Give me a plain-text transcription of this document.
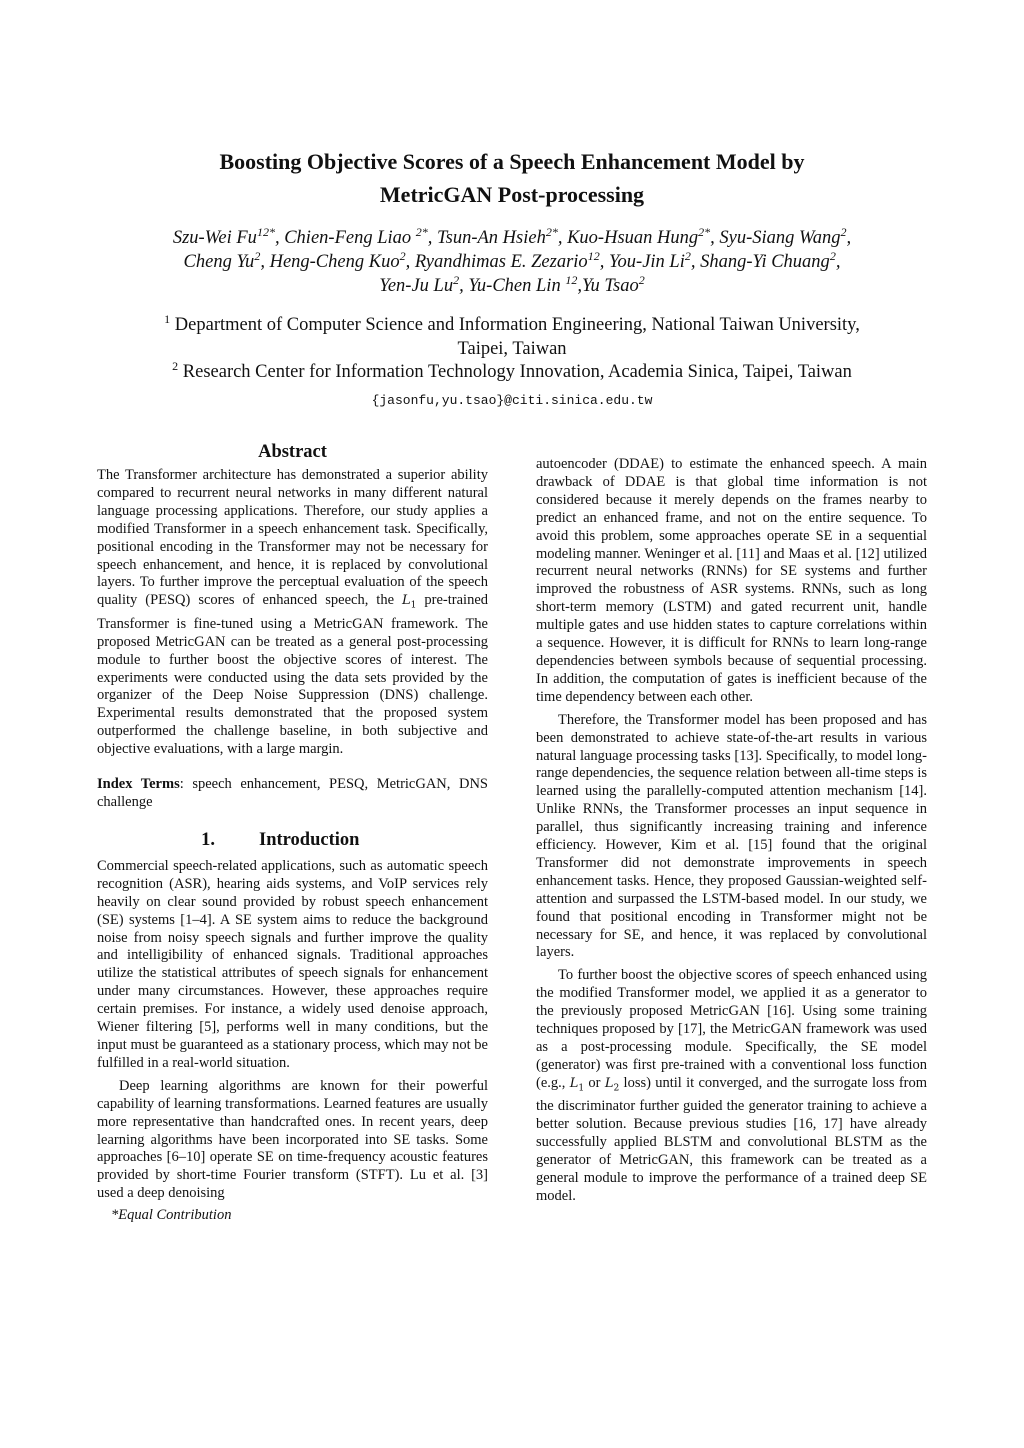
Boosting Objective Scores of a Speech Enhancement Model by
MetricGAN Post-processing
Szu-Wei $Fu^{12*}$, Chien-Feng Liao $^{2*}$, Tsun-An Hsieh$^{2*}$, Kuo-Hsuan Hung$^{2*}$, Syu-Siang Wang$^2$,
Cheng Yu$^2$, Heng-Cheng Kuo$^2$, Ryandhimas E. Zezario$^{12}$, You-Jin Li$^2$, Shang-Yi Chuang$^2$,
Yen-Ju Lu$^2$, Yu-Chen Lin $^{12}$,Yu Tsao$^2$
$^1$ Department of Computer Science and Information Engineering, National Taiwan University,
Taipei, Taiwan
$^2$ Research Center for Information Technology Innovation, Academia Sinica, Taipei, Taiwan
{jasonfu,yu.tsao}@citi.sinica.edu.tw
Abstract

The Transformer architecture has demonstrated a superior ability compared to recurrent neural networks in many different natural language processing applications. Therefore, our study applies a modified Transformer in a speech enhancement task. Specifically, positional encoding in the Transformer may not be necessary for speech enhancement, and hence, it is replaced by convolutional layers. To further improve the perceptual evaluation of the speech quality (PESQ) scores of enhanced speech, the $L_1$ pre-trained Transformer is fine-tuned using a MetricGAN framework. The proposed MetricGAN can be treated as a general post-processing module to further boost the objective scores of interest. The experiments were conducted using the data sets provided by the organizer of the Deep Noise Suppression (DNS) challenge. Experimental results demonstrated that the proposed system outperformed the challenge baseline, in both subjective and objective evaluations, with a large margin.

Index Terms: speech enhancement, PESQ, MetricGAN, DNS challenge

1. Introduction

Commercial speech-related applications, such as automatic speech recognition (ASR), hearing aids systems, and VoIP services rely heavily on clear sound provided by robust speech enhancement (SE) systems [1–4]. A SE system aims to reduce the background noise from noisy speech signals and further improve the quality and intelligibility of enhanced signals. Traditional approaches utilize the statistical attributes of speech signals for enhancement under many circumstances. However, these approaches require certain premises. For instance, a widely used denoise approach, Wiener filtering [5], performs well in many conditions, but the input must be guaranteed as a stationary process, which may not be fulfilled in a real-world situation.

Deep learning algorithms are known for their powerful capability of learning transformations. Learned features are usually more representative than handcrafted ones. In recent years, deep learning algorithms have been incorporated into SE tasks. Some approaches [6–10] operate SE on time-frequency acoustic features provided by short-time Fourier transform (STFT). Lu et al. [3] used a deep denoising

*Equal Contribution

autoencoder (DDAE) to estimate the enhanced speech. A main drawback of DDAE is that global time information is not considered because it merely depends on the frames nearby to predict an enhanced frame, and not on the entire sequence. To avoid this problem, some approaches operate SE in a sequential modeling manner. Weninger et al. [11] and Maas et al. [12] utilized recurrent neural networks (RNNs) for SE systems and further improved the robustness of ASR systems. RNNs, such as long short-term memory (LSTM) and gated recurrent unit, handle multiple gates and use hidden states to capture correlations within a sequence. However, it is difficult for RNNs to learn long-range dependencies between symbols because of sequential processing. In addition, the computation of gates is inefficient because of the time dependency between each other.

Therefore, the Transformer model has been proposed and has been demonstrated to achieve state-of-the-art results in various natural language processing tasks [13]. Specifically, to model long-range dependencies, the sequence relation between all-time steps is learned using the parallelly-computed attention mechanism [14]. Unlike RNNs, the Transformer processes an input sequence in parallel, thus significantly increasing training and inference efficiency. However, Kim et al. [15] found that the original Transformer did not demonstrate improvements in speech enhancement tasks. Hence, they proposed Gaussian-weighted self-attention and surpassed the LSTM-based model. In our study, we found that positional encoding in Transformer might not be necessary for SE, and hence, it was replaced by convolutional layers.

To further boost the objective scores of speech enhanced using the modified Transformer model, we applied it as a generator to the previously proposed MetricGAN [16]. Using some training techniques proposed by [17], the MetricGAN framework was used as a post-processing module. Specifically, the SE model (generator) was first pre-trained with a conventional loss function (e.g., $L_1$ or $L_2$ loss) until it converged, and the surrogate loss from the discriminator further guided the generator training to achieve a better solution. Because previous studies [16, 17] have already successfully applied BLSTM and convolutional BLSTM as the generator of MetricGAN, this framework can be treated as a general module to improve the performance of a trained deep SE model.
